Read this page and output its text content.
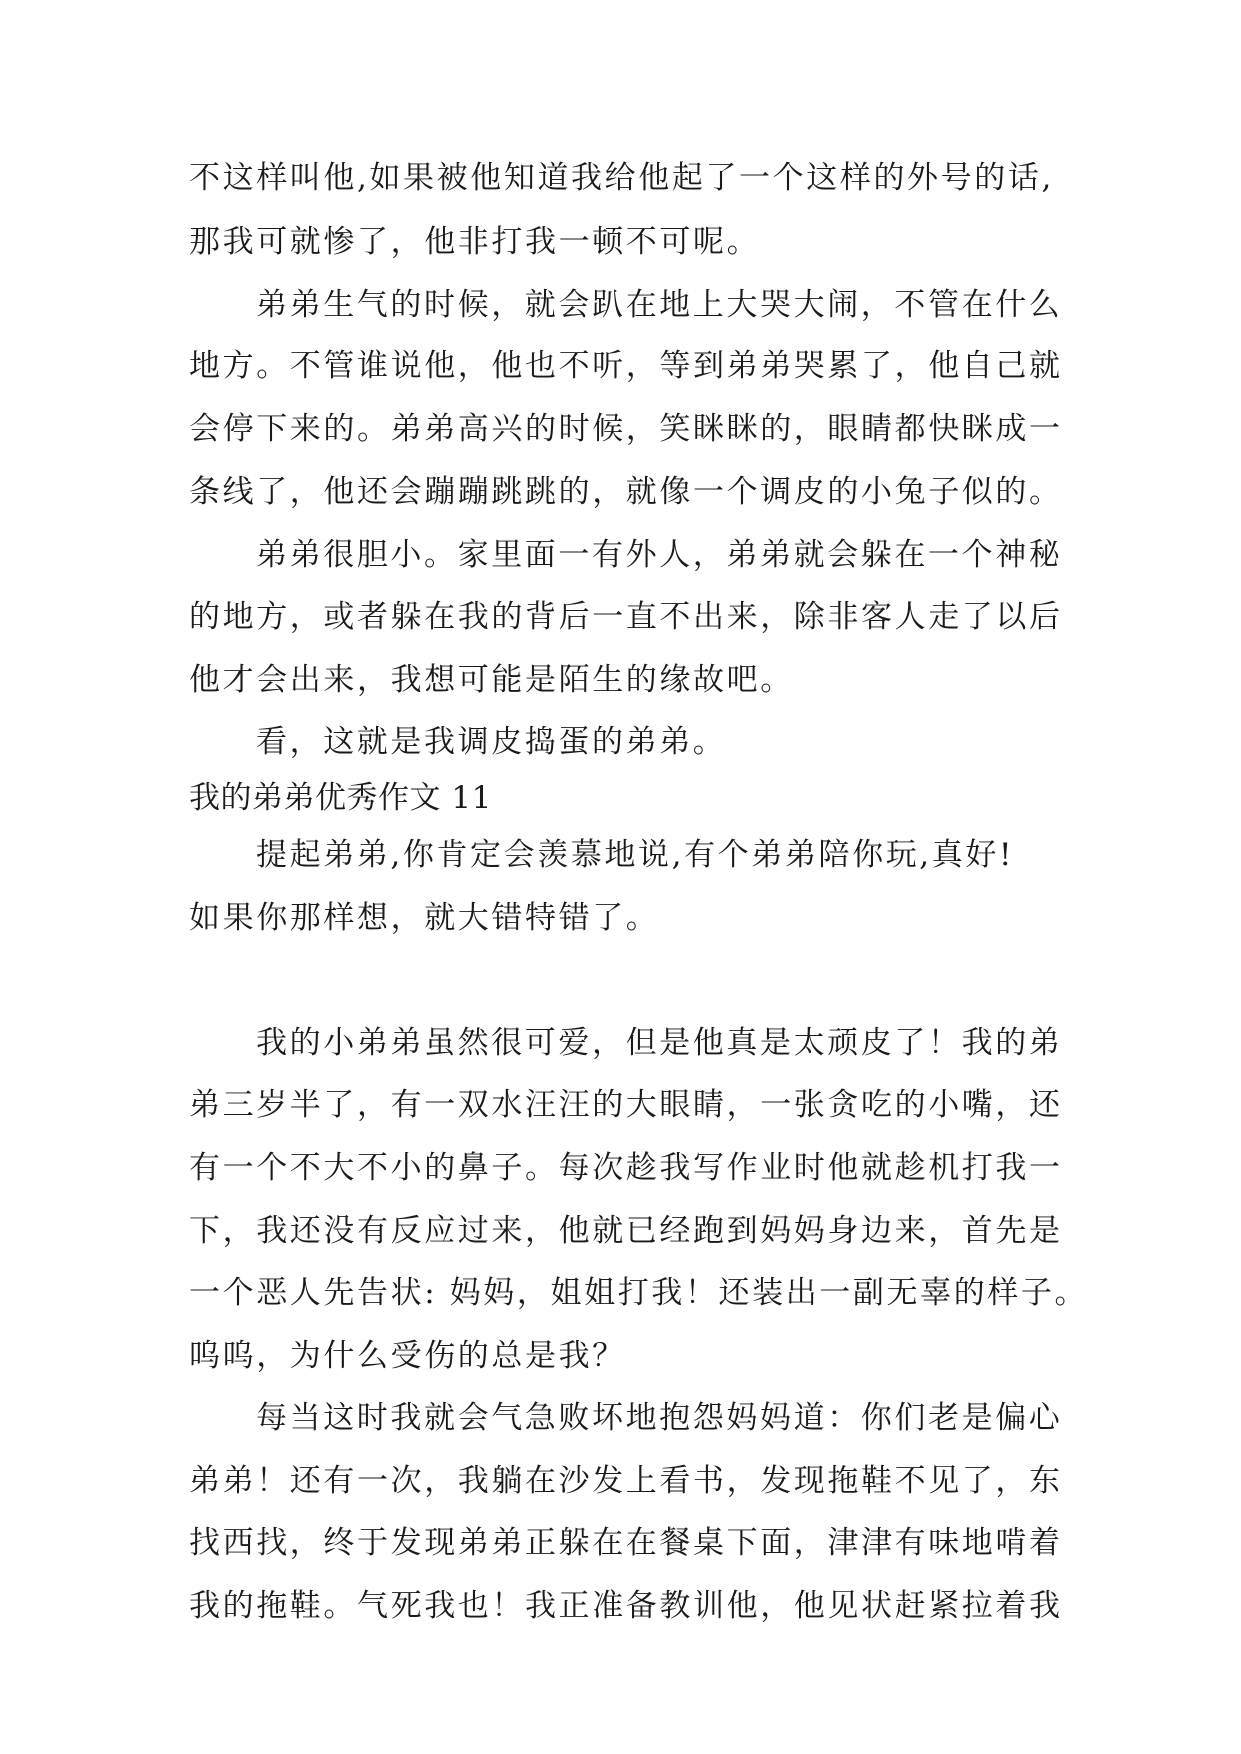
不这样叫他,如果被他知道我给他起了一个这样的外号的话,
那我可就惨了，他非打我一顿不可呢。
弟弟生气的时候，就会趴在地上大哭大闹，不管在什么
地方。不管谁说他，他也不听，等到弟弟哭累了，他自己就
会停下来的。弟弟高兴的时候，笑眯眯的，眼睛都快眯成一
条线了，他还会蹦蹦跳跳的，就像一个调皮的小兔子似的。
弟弟很胆小。家里面一有外人，弟弟就会躲在一个神秘
的地方，或者躲在我的背后一直不出来，除非客人走了以后
他才会出来，我想可能是陌生的缘故吧。
看，这就是我调皮捣蛋的弟弟。
我的弟弟优秀作文 11
提起弟弟,你肯定会羡慕地说,有个弟弟陪你玩,真好!
如果你那样想，就大错特错了。
我的小弟弟虽然很可爱，但是他真是太顽皮了！我的弟
弟三岁半了，有一双水汪汪的大眼睛，一张贪吃的小嘴，还
有一个不大不小的鼻子。每次趁我写作业时他就趁机打我一
下，我还没有反应过来，他就已经跑到妈妈身边来，首先是
一个恶人先告状: 妈妈，姐姐打我！还装出一副无辜的样子。
呜呜，为什么受伤的总是我？
每当这时我就会气急败坏地抱怨妈妈道：你们老是偏心
弟弟！还有一次，我躺在沙发上看书，发现拖鞋不见了，东
找西找，终于发现弟弟正躲在在餐桌下面，津津有味地啃着
我的拖鞋。气死我也！我正准备教训他，他见状赶紧拉着我
